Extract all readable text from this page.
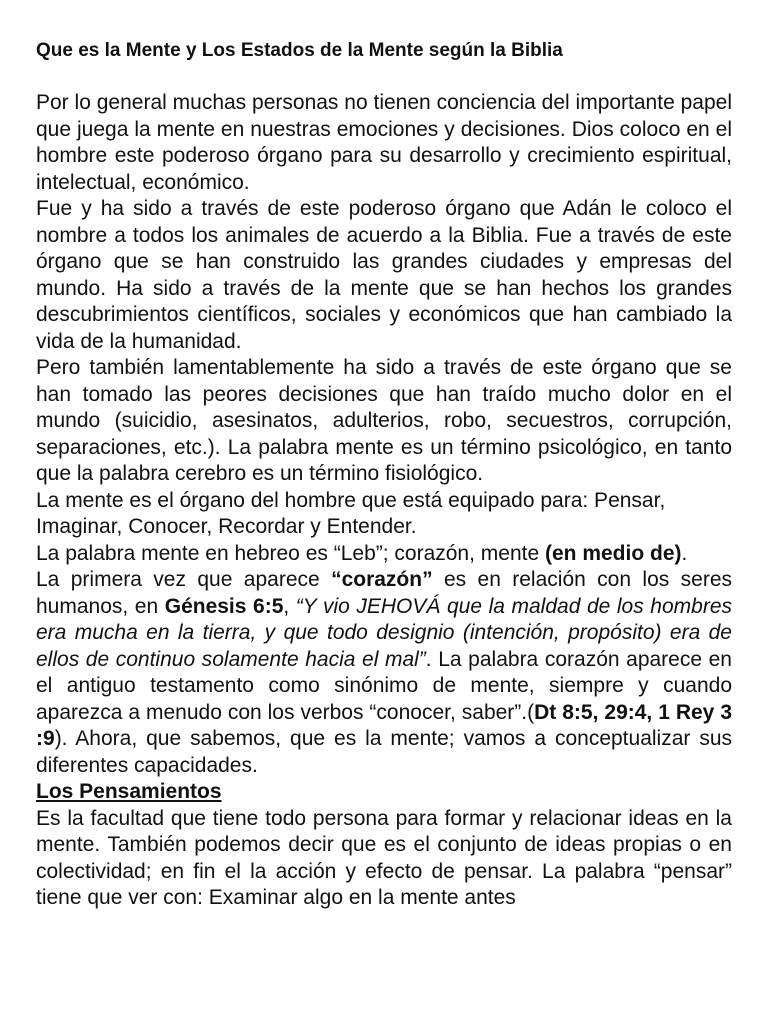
Que es la Mente y Los Estados de la Mente según la Biblia

Por lo general muchas personas no tienen conciencia del importante papel que juega la mente en nuestras emociones y decisiones. Dios coloco en el hombre este poderoso órgano para su desarrollo y crecimiento espiritual, intelectual, económico.

Fue y ha sido a través de este poderoso órgano que Adán le coloco el nombre a todos los animales de acuerdo a la Biblia. Fue a través de este órgano que se han construido las grandes ciudades y empresas del mundo. Ha sido a través de la mente que se han hechos los grandes descubrimientos científicos, sociales y económicos que han cambiado la vida de la humanidad.

Pero también lamentablemente ha sido a través de este órgano que se han tomado las peores decisiones que han traído mucho dolor en el mundo (suicidio, asesinatos, adulterios, robo, secuestros, corrupción, separaciones, etc.). La palabra mente es un término psicológico, en tanto que la palabra cerebro es un término fisiológico.

La mente es el órgano del hombre que está equipado para: Pensar, Imaginar, Conocer, Recordar y Entender.

La palabra mente en hebreo es “Leb”; corazón, mente (en medio de).

La primera vez que aparece “corazón” es en relación con los seres humanos, en Génesis 6:5, “Y vio JEHOVÁ que la maldad de los hombres era mucha en la tierra, y que todo designio (intención, propósito) era de ellos de continuo solamente hacia el mal”. La palabra corazón aparece en el antiguo testamento como sinónimo de mente, siempre y cuando aparezca a menudo con los verbos “conocer, saber”.(Dt 8:5, 29:4, 1 Rey 3 :9). Ahora, que sabemos, que es la mente; vamos a conceptualizar sus diferentes capacidades.

Los Pensamientos

Es la facultad que tiene todo persona para formar y relacionar ideas en la mente. También podemos decir que es el conjunto de ideas propias o en colectividad; en fin el la acción y efecto de pensar. La palabra “pensar” tiene que ver con: Examinar algo en la mente antes
